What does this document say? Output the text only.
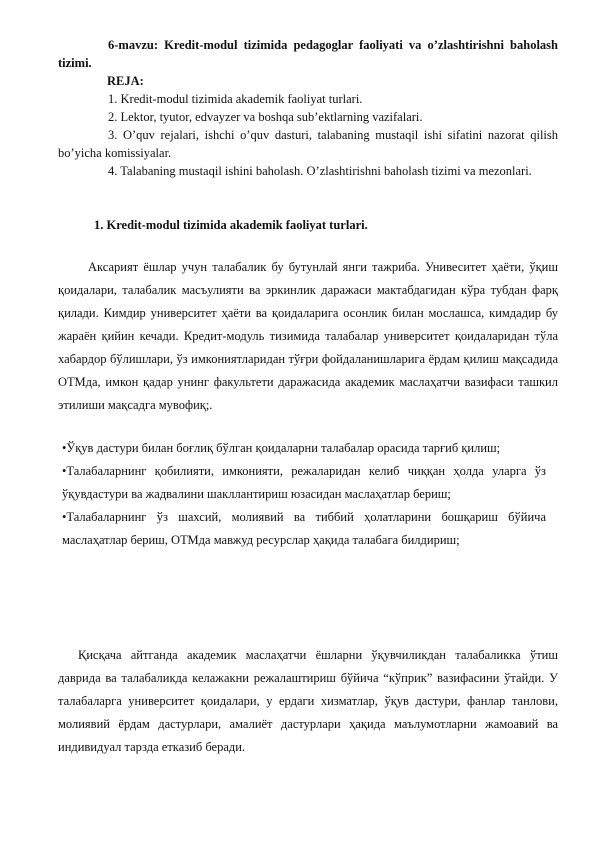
6-mavzu: Kredit-modul tizimida pedagoglar faoliyati va o’zlashtirishni baholash tizimi.

REJA:

1. Kredit-modul tizimida akademik faoliyat turlari.

2. Lektor, tyutor, edvayzer va boshqa sub’ektlarning vazifalari.

3. O’quv rejalari, ishchi o’quv dasturi, talabaning mustaqil ishi sifatini nazorat qilish bo’yicha komissiyalar.

4. Talabaning mustaqil ishini baholash. O’zlashtirishni baholash tizimi va mezonlari.

1. Kredit-modul tizimida akademik faoliyat turlari.

Аксарият ёшлар учун талабалик бу бутунлай янги тажриба. Унивеситет ҳаёти, ўқиш қоидалари, талабалик масъулияти ва эркинлик даражаси мактабдагидан кўра тубдан фарқ қилади. Кимдир университет ҳаёти ва қоидаларига осонлик билан мослашса, кимдадир бу жараён қийин кечади. Кредит-модуль тизимида талабалар университет қоидаларидан тўла хабардор бўлишлари, ўз имкониятларидан тўғри фойдаланишларига ёрдам қилиш мақсадида ОТМда, имкон қадар унинг факультети даражасида академик маслаҳатчи вазифаси ташкил этилиши мақсадга мувофиқ;.

•Ўқув дастури билан боғлиқ бўлган қоидаларни талабалар орасида тарғиб қилиш;
•Талабаларнинг қобилияти, имконияти, режаларидан келиб чиққан ҳолда уларга ўз ўқувдастури ва жадвалини шакллантириш юзасидан маслаҳатлар бериш;
•Талабаларнинг ўз шахсий, молиявий ва тиббий ҳолатларини бошқариш бўйича маслаҳатлар бериш, ОТМда мавжуд ресурслар ҳақида талабага билдириш;

Қисқача айтганда академик маслаҳатчи ёшларни ўқувчиликдан талабаликка ўтиш даврида ва талабаликда келажакни режалаштириш бўйича “кўприк” вазифасини ўтайди. У талабаларга университет қоидалари, у ердаги хизматлар, ўқув дастури, фанлар танлови, молиявий ёрдам дастурлари, амалиёт дастурлари ҳақида маълумотларни жамоавий ва индивидуал тарзда етказиб беради.
